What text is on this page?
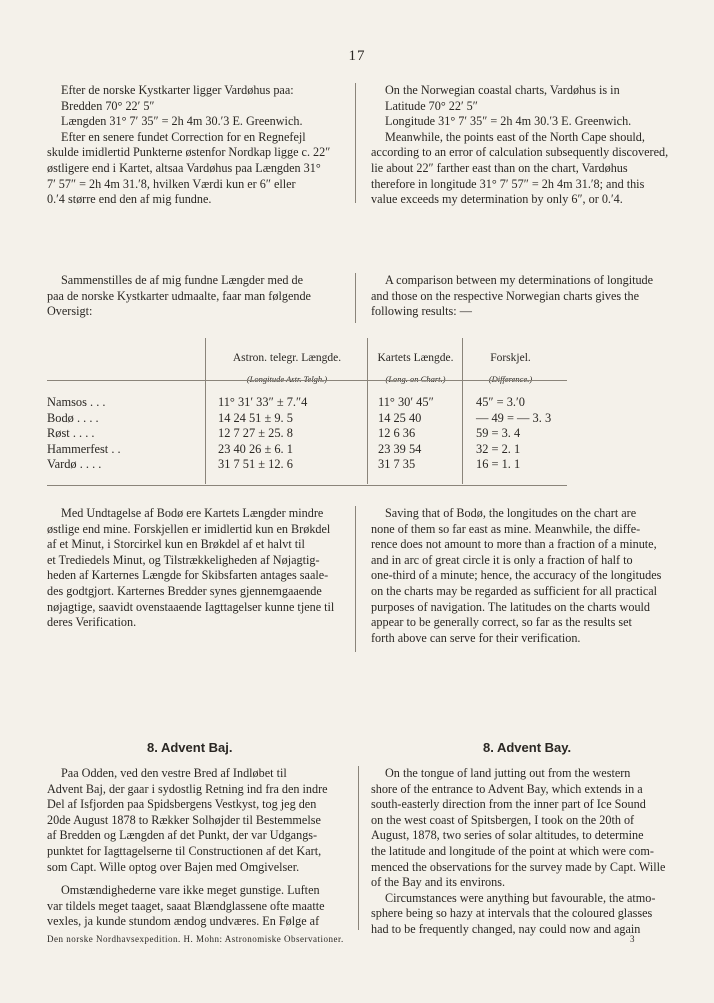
17

Efter de norske Kystkarter ligger Vardøhus paa:

Bredden 70° 22′ 5″

Længden 31° 7′ 35″ = 2h 4m 30.′3 E. Greenwich.

Efter en senere fundet Correction for en Regnefejl

skulde imidlertid Punkterne østenfor Nordkap ligge c. 22″

østligere end i Kartet, altsaa Vardøhus paa Længden 31°

7′ 57″ = 2h 4m 31.′8, hvilken Værdi kun er 6″ eller

0.′4 større end den af mig fundne.

On the Norwegian coastal charts, Vardøhus is in

Latitude 70° 22′ 5″

Longitude 31° 7′ 35″ = 2h 4m 30.′3 E. Greenwich.

Meanwhile, the points east of the North Cape should,

according to an error of calculation subsequently discovered,

lie about 22″ farther east than on the chart, Vardøhus

therefore in longitude 31° 7′ 57″ = 2h 4m 31.′8; and this

value exceeds my determination by only 6″, or 0.′4.

Sammenstilles de af mig fundne Længder med de

paa de norske Kystkarter udmaalte, faar man følgende

Oversigt:

A comparison between my determinations of longitude

and those on the respective Norwegian charts gives the

following results: —

Astron. telegr. Længde.
(Longitude Astr. Telgh.)
Kartets Længde.
(Long. on Chart.)
Forskjel.
(Difference.)
Namsos . . .
Bodø . . . .
Røst . . . .
Hammerfest . .
Vardø . . . .
11° 31′ 33″ ± 7.″4
14 24 51 ± 9. 5
12 7 27 ± 25. 8
23 40 26 ± 6. 1
31 7 51 ± 12. 6
11° 30′ 45″
14 25 40
12 6 36
23 39 54
31 7 35
45″ = 3.′0
— 49 = — 3. 3
59 = 3. 4
32 = 2. 1
16 = 1. 1

Med Undtagelse af Bodø ere Kartets Længder mindre

østlige end mine. Forskjellen er imidlertid kun en Brøkdel

af et Minut, i Storcirkel kun en Brøkdel af et halvt til

et Trediedels Minut, og Tilstrækkeligheden af Nøjagtig-

heden af Karternes Længde for Skibsfarten antages saale-

des godtgjort. Karternes Bredder synes gjennemgaaende

nøjagtige, saavidt ovenstaaende Iagttagelser kunne tjene til

deres Verification.

Saving that of Bodø, the longitudes on the chart are

none of them so far east as mine. Meanwhile, the diffe-

rence does not amount to more than a fraction of a minute,

and in arc of great circle it is only a fraction of half to

one-third of a minute; hence, the accuracy of the longitudes

on the charts may be regarded as sufficient for all practical

purposes of navigation. The latitudes on the charts would

appear to be generally correct, so far as the results set

forth above can serve for their verification.

8. Advent Baj.	8. Advent Bay.

Paa Odden, ved den vestre Bred af Indløbet til

Advent Baj, der gaar i sydostlig Retning ind fra den indre

Del af Isfjorden paa Spidsbergens Vestkyst, tog jeg den

20de August 1878 to Rækker Solhøjder til Bestemmelse

af Bredden og Længden af det Punkt, der var Udgangs-

punktet for Iagttagelserne til Constructionen af det Kart,

som Capt. Wille optog over Bajen med Omgivelser.

Omstændighederne vare ikke meget gunstige. Luften

var tildels meget taaget, saaat Blændglassene ofte maatte

vexles, ja kunde stundom ændog undværes. En Følge af

On the tongue of land jutting out from the western

shore of the entrance to Advent Bay, which extends in a

south-easterly direction from the inner part of Ice Sound

on the west coast of Spitsbergen, I took on the 20th of

August, 1878, two series of solar altitudes, to determine

the latitude and longitude of the point at which were com-

menced the observations for the survey made by Capt. Wille

of the Bay and its environs.

Circumstances were anything but favourable, the atmo-

sphere being so hazy at intervals that the coloured glasses

had to be frequently changed, nay could now and again

Den norske Nordhavsexpedition. H. Mohn: Astronomiske Observationer.	3
